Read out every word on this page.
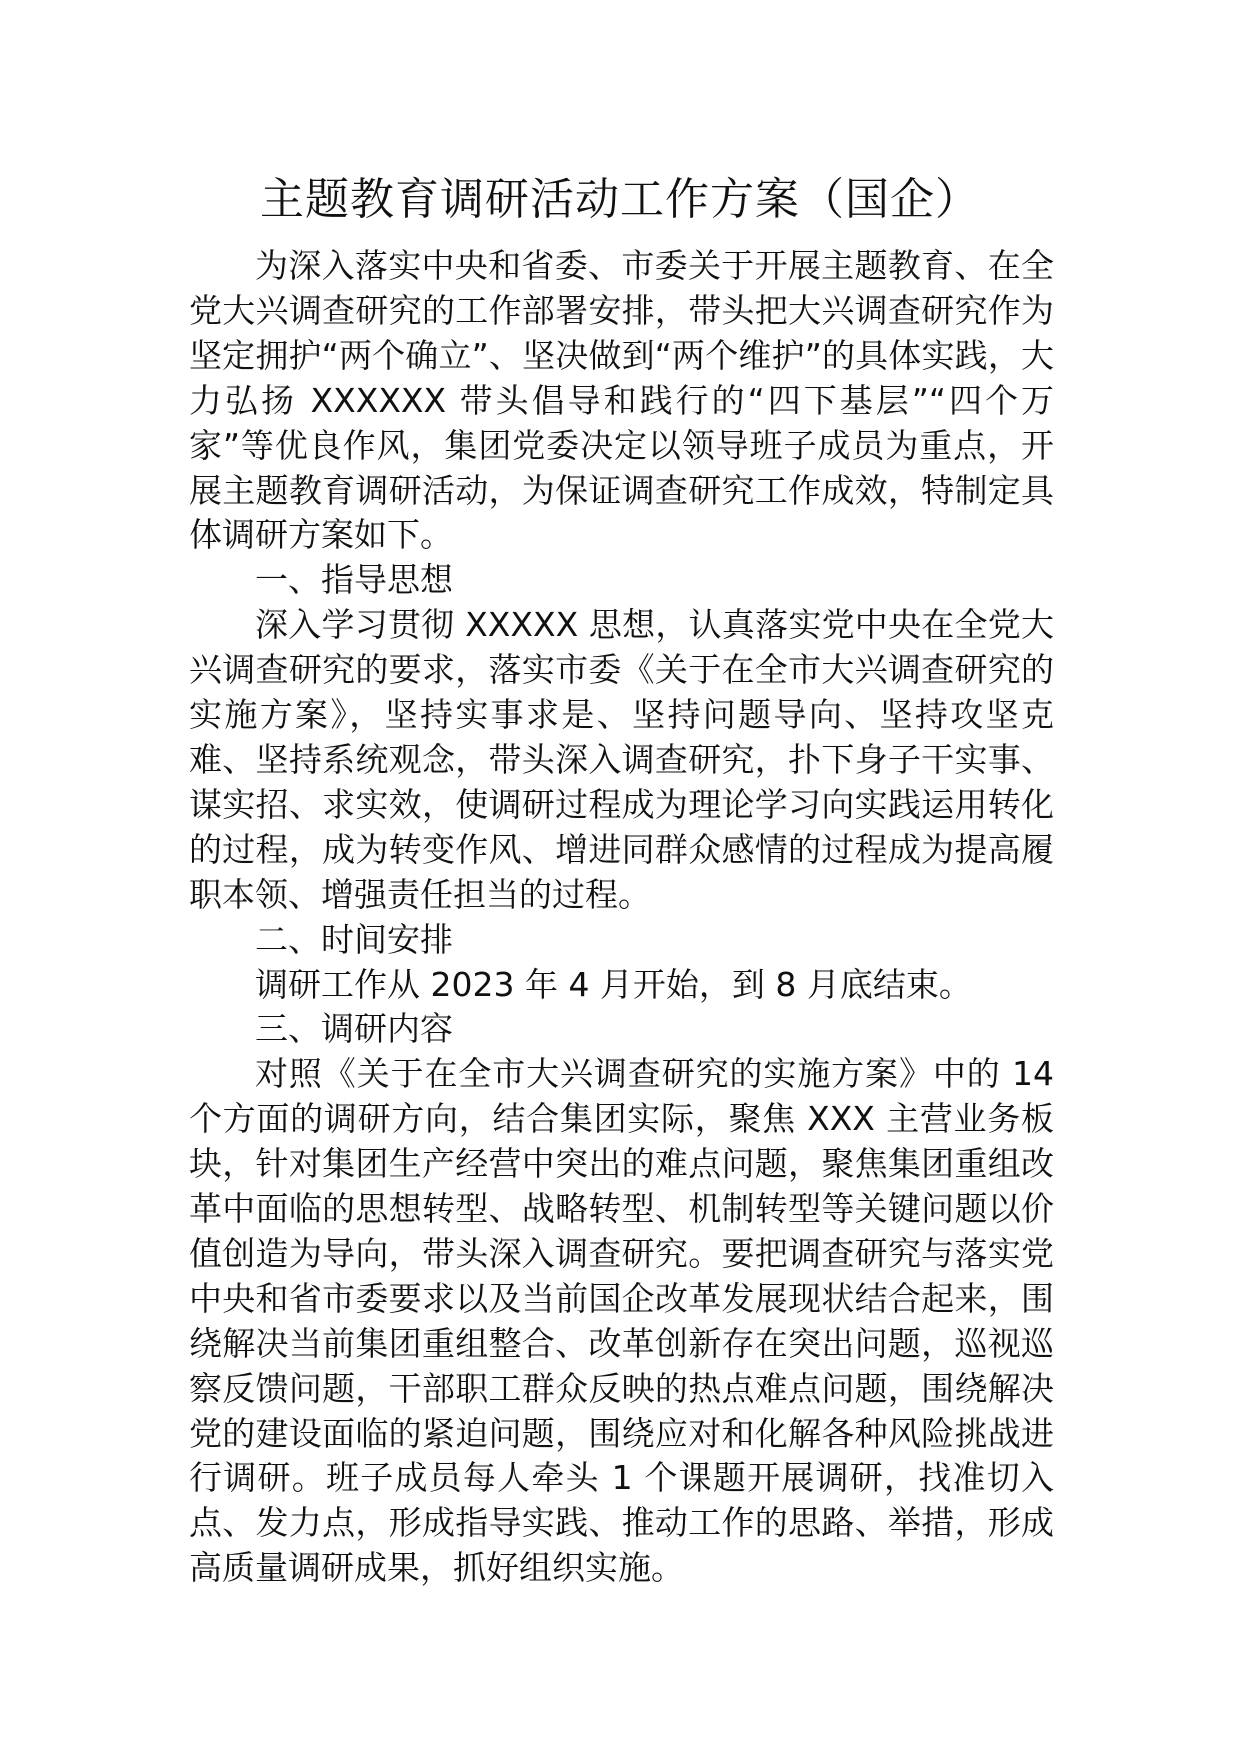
主题教育调研活动工作方案（国企）

为深入落实中央和省委、市委关于开展主题教育、在全党大兴调查研究的工作部署安排，带头把大兴调查研究作为坚定拥护“两个确立”、坚决做到“两个维护”的具体实践，大力弘扬 XXXXXX 带头倡导和践行的“四下基层”“四个万家”等优良作风，集团党委决定以领导班子成员为重点，开展主题教育调研活动，为保证调查研究工作成效，特制定具体调研方案如下。

一、指导思想

深入学习贯彻 XXXXX 思想，认真落实党中央在全党大兴调查研究的要求，落实市委《关于在全市大兴调查研究的实施方案》，坚持实事求是、坚持问题导向、坚持攻坚克难、坚持系统观念，带头深入调查研究，扑下身子干实事、谋实招、求实效，使调研过程成为理论学习向实践运用转化的过程，成为转变作风、增进同群众感情的过程成为提高履职本领、增强责任担当的过程。

二、时间安排

调研工作从 2023 年 4 月开始，到 8 月底结束。

三、调研内容

对照《关于在全市大兴调查研究的实施方案》中的 14 个方面的调研方向，结合集团实际，聚焦 XXX 主营业务板块，针对集团生产经营中突出的难点问题，聚焦集团重组改革中面临的思想转型、战略转型、机制转型等关键问题以价值创造为导向，带头深入调查研究。要把调查研究与落实党中央和省市委要求以及当前国企改革发展现状结合起来，围绕解决当前集团重组整合、改革创新存在突出问题，巡视巡察反馈问题，干部职工群众反映的热点难点问题，围绕解决党的建设面临的紧迫问题，围绕应对和化解各种风险挑战进行调研。班子成员每人牵头 1 个课题开展调研，找准切入点、发力点，形成指导实践、推动工作的思路、举措，形成高质量调研成果，抓好组织实施。
